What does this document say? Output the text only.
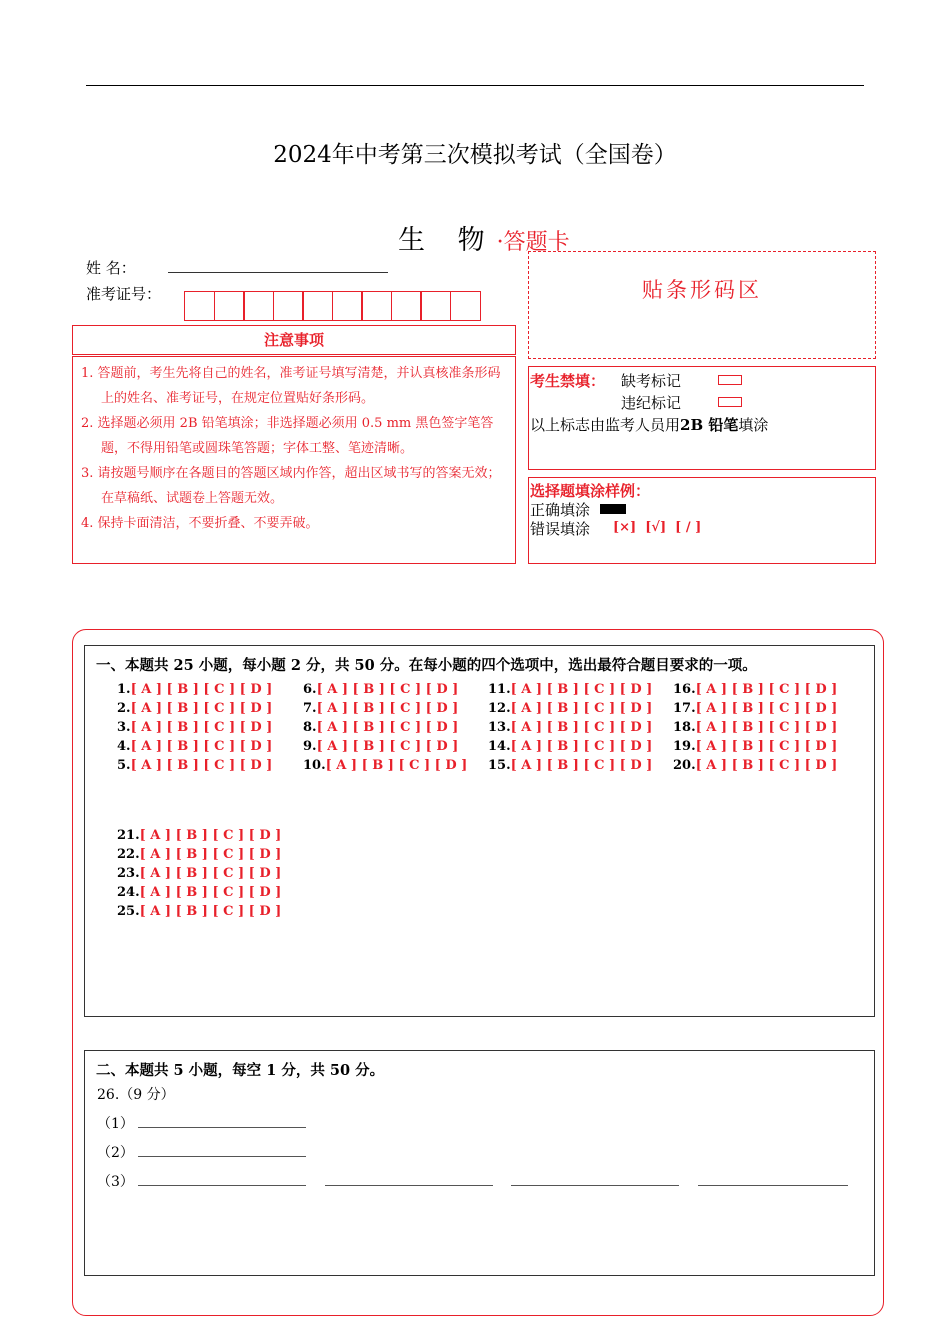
2024年中考第三次模拟考试（全国卷）
生 物·答题卡
姓 名：
准考证号：
注意事项

1. 答题前，考生先将自己的姓名，准考证号填写清楚，并认真核准条形码上的姓名、准考证号，在规定位置贴好条形码。

2. 选择题必须用 2B 铅笔填涂；非选择题必须用 0.5 mm 黑色签字笔答题，不得用铅笔或圆珠笔答题；字体工整、笔迹清晰。

3. 请按题号顺序在各题目的答题区域内作答，超出区域书写的答案无效；在草稿纸、试题卷上答题无效。

4. 保持卡面清洁，不要折叠、不要弄破。

贴条形码区
考生禁填： 缺考标记
违纪标记
以上标志由监考人员用2B 铅笔填涂
选择题填涂样例：
正确填涂
错误填涂 [×]  [√]  [ / ]
一、本题共 25 小题，每小题 2 分，共 50 分。在每小题的四个选项中，选出最符合题目要求的一项。
1.[ A ] [ B ] [ C ] [ D ]
2.[ A ] [ B ] [ C ] [ D ]
3.[ A ] [ B ] [ C ] [ D ]
4.[ A ] [ B ] [ C ] [ D ]
5.[ A ] [ B ] [ C ] [ D ]
6.[ A ] [ B ] [ C ] [ D ]
7.[ A ] [ B ] [ C ] [ D ]
8.[ A ] [ B ] [ C ] [ D ]
9.[ A ] [ B ] [ C ] [ D ]
10.[ A ] [ B ] [ C ] [ D ]
11.[ A ] [ B ] [ C ] [ D ]
12.[ A ] [ B ] [ C ] [ D ]
13.[ A ] [ B ] [ C ] [ D ]
14.[ A ] [ B ] [ C ] [ D ]
15.[ A ] [ B ] [ C ] [ D ]
16.[ A ] [ B ] [ C ] [ D ]
17.[ A ] [ B ] [ C ] [ D ]
18.[ A ] [ B ] [ C ] [ D ]
19.[ A ] [ B ] [ C ] [ D ]
20.[ A ] [ B ] [ C ] [ D ]
21.[ A ] [ B ] [ C ] [ D ]
22.[ A ] [ B ] [ C ] [ D ]
23.[ A ] [ B ] [ C ] [ D ]
24.[ A ] [ B ] [ C ] [ D ]
25.[ A ] [ B ] [ C ] [ D ]
二、本题共 5 小题，每空 1 分，共 50 分。
26.（9 分）
（1）
（2）
（3）
